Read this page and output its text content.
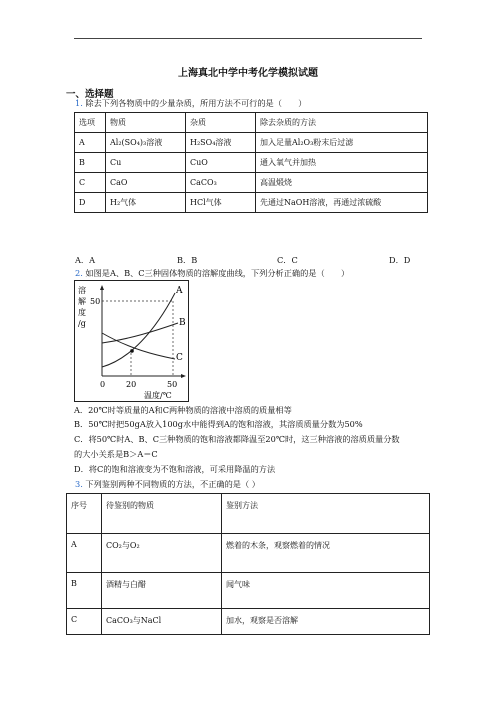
上海真北中学中考化学模拟试题
一、选择题
1. 除去下列各物质中的少量杂质，所用方法不可行的是（　　）
选项	物质	杂质	除去杂质的方法
A	Al₂(SO₄)₃溶液	H₂SO₄溶液	加入足量Al₂O₃粉末后过滤
B	Cu	CuO	通入氧气并加热
C	CaO	CaCO₃	高温煅烧
D	H₂气体	HCl气体	先通过NaOH溶液，再通过浓硫酸
A．A	B．B	C．C	D．D
2. 如图是A、B、C三种固体物质的溶解度曲线，下列分析正确的是（　　）
溶
解
度
/g
50
0	20	50
温度/℃
A
B
C
A．20℃时等质量的A和C两种物质的溶液中溶质的质量相等
B．50℃时把50gA放入100g水中能得到A的饱和溶液，其溶质质量分数为50%
C．将50℃时A、B、C三种物质的饱和溶液都降温至20℃时，这三种溶液的溶质质量分数
的大小关系是B＞A＝C
D．将C的饱和溶液变为不饱和溶液，可采用降温的方法
3. 下列鉴别两种不同物质的方法，不正确的是（ ）
序号	待鉴别的物质	鉴别方法
A	CO₂与O₂	燃着的木条，观察燃着的情况
B	酒精与白醋	闻气味
C	CaCO₃与NaCl	加水，观察是否溶解
